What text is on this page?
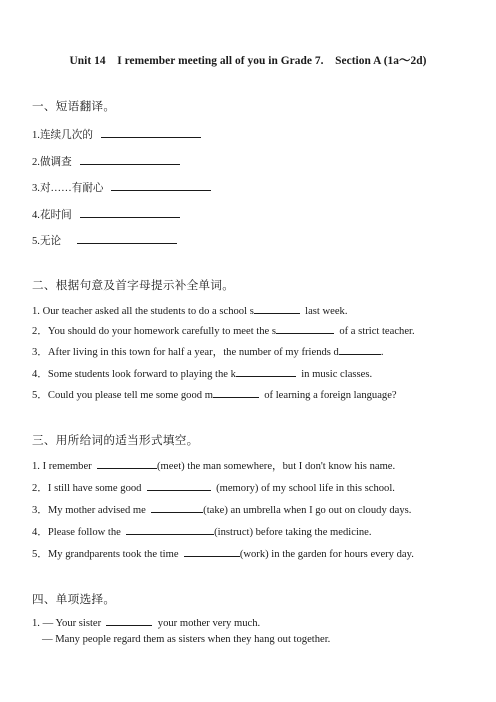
Unit 14    I remember meeting all of you in Grade 7.    Section A (1a～2d)
一、短语翻译。
1.连续几次的
2.做调查
3.对……有耐心
4.花时间
5.无论
二、根据句意及首字母提示补全单词。
1. Our teacher asked all the students to do a school s	last week.
2．You should do your homework carefully to meet the s	of a strict teacher.
3．After living in this town for half a year，the number of my friends d	.
4．Some students look forward to playing the k	in music classes.
5．Could you please tell me some good m	of learning a foreign language?
三、用所给词的适当形式填空。
1. I remember	(meet) the man somewhere，but I don't know his name.
2．I still have some good	(memory) of my school life in this school.
3．My mother advised me	(take) an umbrella when I go out on cloudy days.
4．Please follow the	(instruct) before taking the medicine.
5．My grandparents took the time	(work) in the garden for hours every day.
四、单项选择。
1. — Your sister	your mother very much.
— Many people regard them as sisters when they hang out together.
